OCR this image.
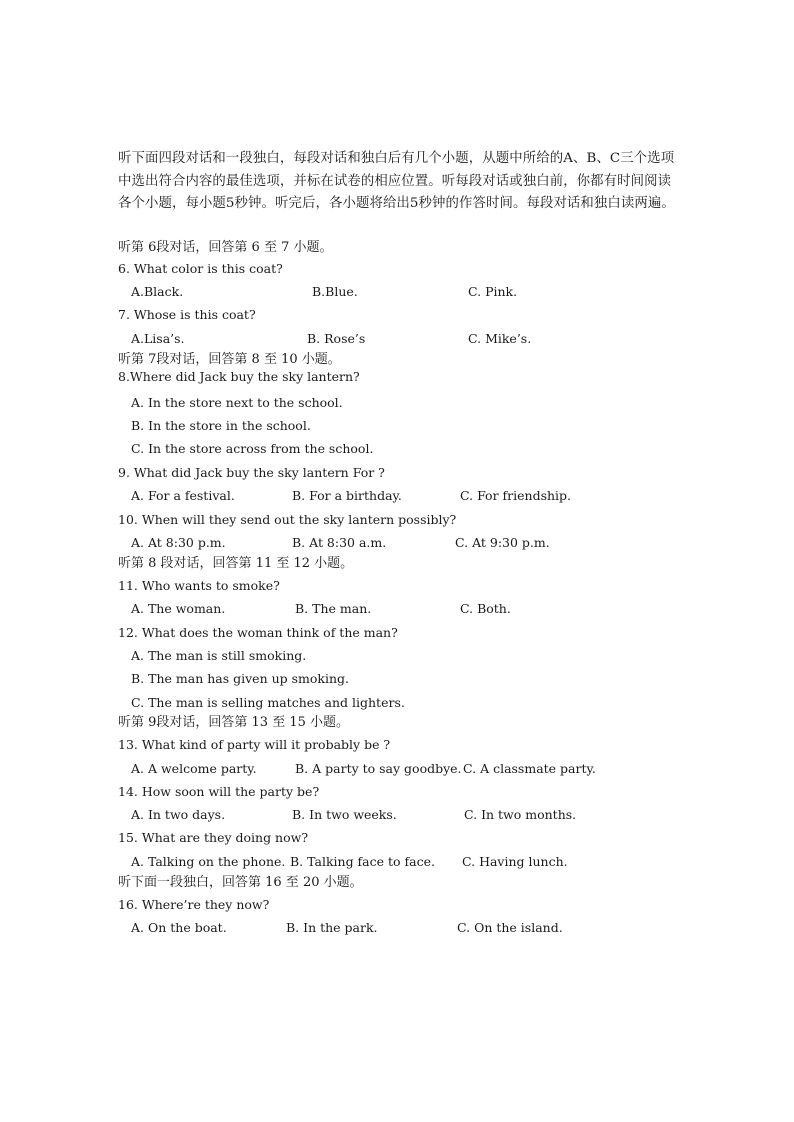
听下面四段对话和一段独白，每段对话和独白后有几个小题，从题中所给的A、B、C三个选项中选出符合内容的最佳选项，并标在试卷的相应位置。听每段对话或独白前，你都有时间阅读各个小题，每小题5秒钟。听完后，各小题将给出5秒钟的作答时间。每段对话和独白读两遍。
听第 6段对话，回答第 6 至 7 小题。
6. What color is this coat?
A.Black.	B.Blue.	C. Pink.
7. Whose is this coat?
A.Lisa’s.	B. Rose’s	C. Mike’s.
听第 7段对话，回答第 8 至 10 小题。
8.Where did Jack buy the sky lantern?
A. In the store next to the school.
B. In the store in the school.
C. In the store across from the school.
9. What did Jack buy the sky lantern For ?
A. For a festival.	B. For a birthday.	C. For friendship.
10. When will they send out the sky lantern possibly?
A. At 8:30 p.m.	B. At 8:30 a.m.	C. At 9:30 p.m.
听第 8 段对话，回答第 11 至 12 小题。
11. Who wants to smoke?
A. The woman.	B. The man.	C. Both.
12. What does the woman think of the man?
A. The man is still smoking.
B. The man has given up smoking.
C. The man is selling matches and lighters.
听第 9段对话，回答第 13 至 15 小题。
13. What kind of party will it probably be ?
A. A welcome party.	B. A party to say goodbye. C. A classmate party.
14. How soon will the party be?
A. In two days.	B. In two weeks.	C. In two months.
15. What are they doing now?
A. Talking on the phone. B. Talking face to face. C. Having lunch.
听下面一段独白，回答第 16 至 20 小题。
16. Where’re they now?
A. On the boat.	B. In the park.	C. On the island.
